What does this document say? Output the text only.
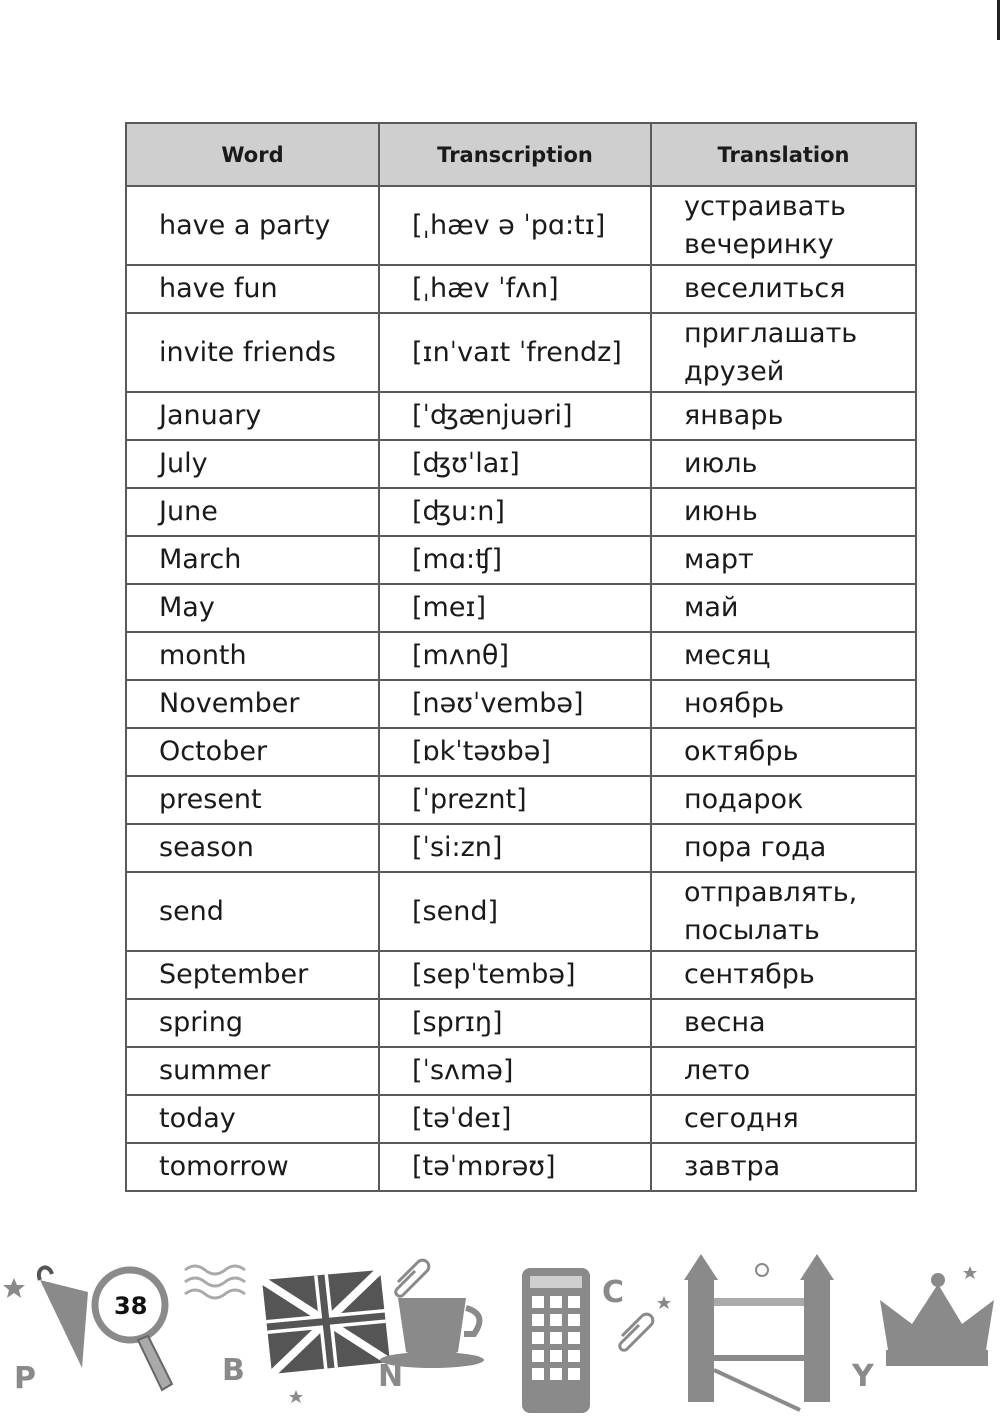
Word	Transcription	Translation
have a party	[ˌhæv ə ˈpɑ:tɪ]	устраивать
вечеринку

have fun	[ˌhæv ˈfʌn]	веселиться

invite friends	[ɪnˈvaɪt ˈfrendz]	приглашать
друзей

January	[ˈʤænjuəri]	январь

July	[ʤʊˈlaɪ]	июль

June	[ʤu:n]	июнь

March	[mɑ:ʧ]	март

May	[meɪ]	май

month	[mʌnθ]	месяц

November	[nəʊˈvembə]	ноябрь

October	[ɒkˈtəʊbə]	октябрь

present	[ˈpreznt]	подарок

season	[ˈsi:zn]	пора года

send	[send]	отправлять,
посылать

September	[sepˈtembə]	сентябрь

spring	[sprɪŋ]	весна

summer	[ˈsʌmə]	лето

today	[təˈdeɪ]	сегодня

tomorrow	[təˈmɒrəʊ]	завтра
P
38
B	N
C
Y
